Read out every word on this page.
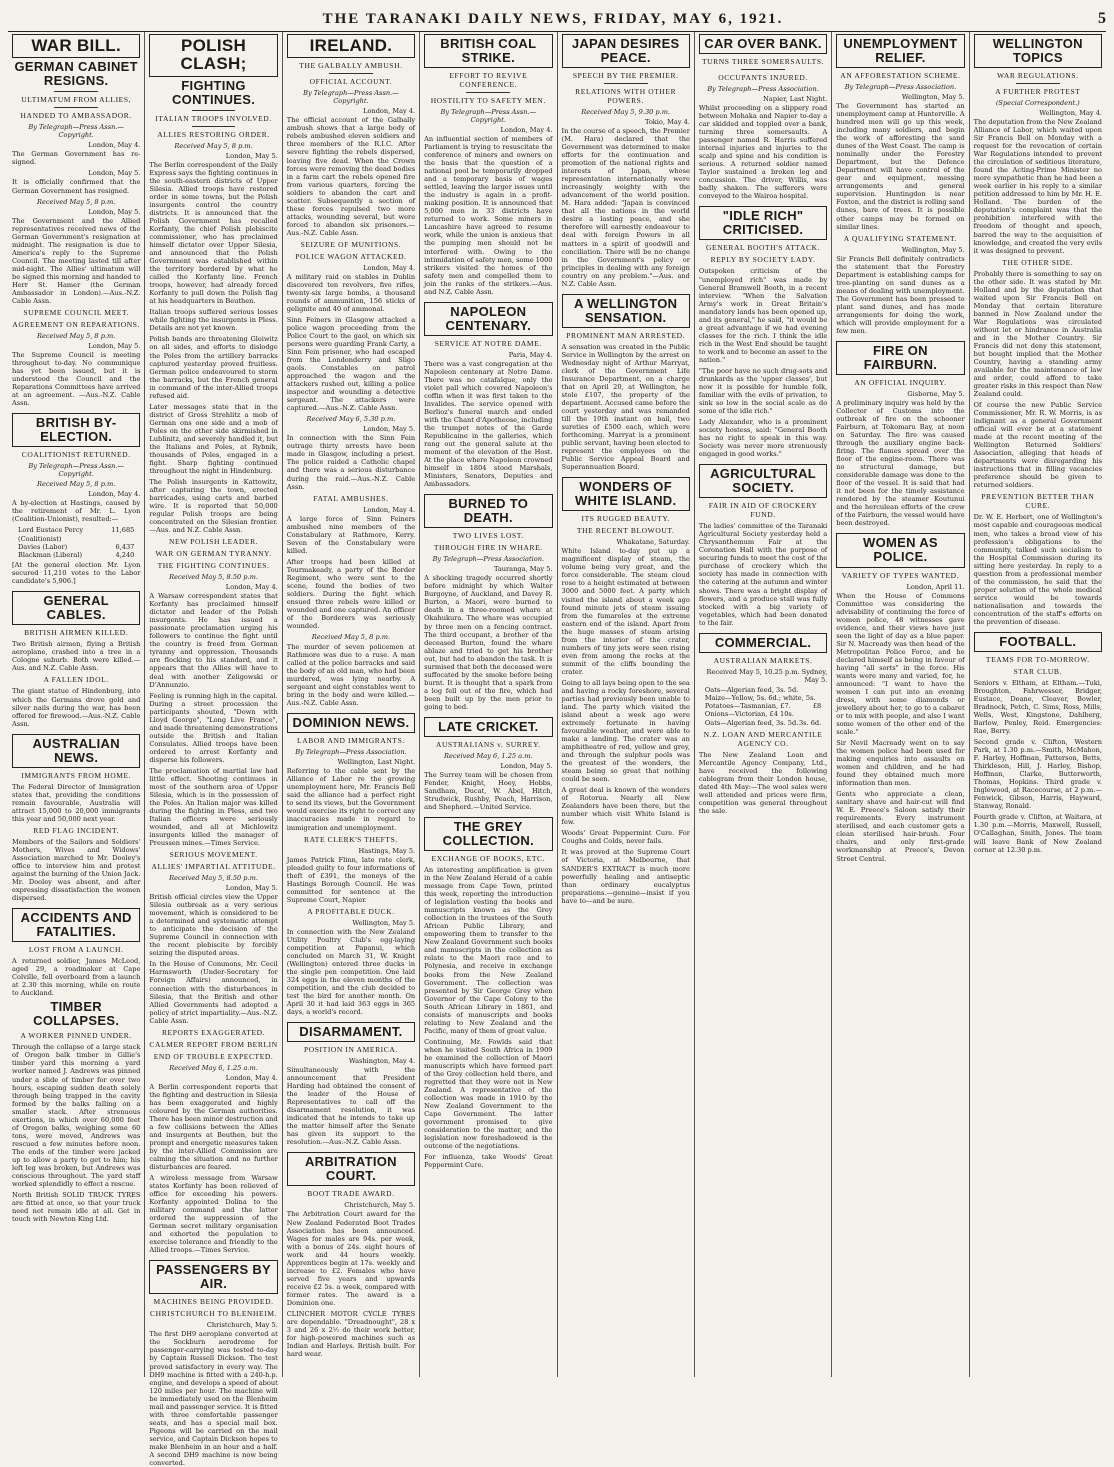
THE TARANAKI DAILY NEWS, FRIDAY, MAY 6, 1921.	5
WAR BILL.
GERMAN CABINET RESIGNS.
ULTIMATUM FROM ALLIES,
HANDED TO AMBASSADOR.
By Telegraph—Press Assn.—Copyright.
London, May 4.

The German Government has re-signed.

London, May 5.

It is officially confirmed that the German Government has resigned.

Received May 5, 8 p.m.
London, May 5.

The Government and the Allied representatives received news of the German Government's resignation at midnight. The resignation is due to America's reply to the Supreme Council. The meeting lasted till after mid-night. The Allies' ultimatum will be signed this morning and handed to Herr St. Hamer (the German Ambassador in London).—Aus.-N.Z. Cable Assn.

SUPREME COUNCIL MEET.
AGREEMENT ON REPARATIONS.
Received May 5, 8 p.m.
London, May 5.

The Supreme Council is meeting throughout to-day. No communique has yet been issued, but it is understood the Council and the Reparations Committees have arrived at an agreement. —Aus.-N.Z. Cable Assn.

BRITISH BY-ELECTION.
COALITIONIST RETURNED.
By Telegraph—Press Assn.—Copyright.
Received May 5, 8 p.m.
London, May 4.

A by-election at Hastings, caused by the retirement of Mr. L. Lyon (Coalition-Unionist), resulted:—

Lord Eustace Percy (Coalitionist)
11,685
Davies (Labor)	6,437
Blackman (Liberal)	4,240

[At the general election Mr. Lyon secured 11,210 votes to the Labor candidate's 5,906.]

GENERAL CABLES.
BRITISH AIRMEN KILLED.

Two British airmen, flying a British aeroplane, crashed into a tree in a Cologne suburb. Both were killed.—Aus. and N.Z. Cable Assn.

A FALLEN IDOL.

The giant statue of Hindenburg, into which the Germans drove gold and silver nails during the war, has been offered for firewood.—Aus.-N.Z. Cable Assn.

AUSTRALIAN NEWS.
IMMIGRANTS FROM HOME.

The Federal Director of Immigration states that, providing the conditions remain favourable, Australia will attract 15,000 to 20,000 immigrants this year and 50,000 next year.

RED FLAG INCIDENT.

Members of the Sailors and Soldiers' Mothers, Wives and Widows' Association marched to Mr. Dooley's office to interview him and protest against the burning of the Union Jack. Mr. Dooley was absent, and after expressing dissatisfaction the women dispersed.

ACCIDENTS AND FATALITIES.
LOST FROM A LAUNCH.

A returned soldier, James McLeod, aged 29, a roadmaker at Cape Colville, fell overboard from a launch at 2.30 this morning, while en route to Auckland.

TIMBER COLLAPSES.
A WORKER PINNED UNDER.

Through the collapse of a large stack of Oregon balk timber in Gillie's timber yard this morning a yard worker named J. Andrews was pinned under a slide of timber for over two hours, escaping sudden death solely through being trapped in the cavity formed by the balks falling on a smaller stack. After strenuous exertions, in which over 60,000 feet of Oregon balks, weighing some 60 tons, were moved, Andrews was rescued a few minutes before noon. The ends of the timber were jacked up to allow a party to get to him; his left leg was broken, but Andrews was conscious throughout. The yard staff worked splendidly to effect a rescue.

North British SOLID TRUCK TYRES are fitted at once, so that your truck need not remain idle at all. Get in touch with Newton King Ltd.

POLISH CLASH;
FIGHTING CONTINUES.
ITALIAN TROOPS INVOLVED.
ALLIES RESTORING ORDER.
Received May 5, 8 p.m.
London, May 5.

The Berlin correspondent of the Daily Express says the fighting continues in the south-eastern districts of Upper Silesia. Allied troops have restored order in some towns, but the Polish insurgents control the country districts. It is announced that the Polish Government has recalled Korfanty, the chief Polish plebiscite commissioner, who has proclaimed himself dictator over Upper Silesia, and announced that the Polish Government was established within the territory bordered by what he called the Korfanty line. French troops, however, had already forced Korfanty to pull down the Polish flag at his headquarters in Beuthen.

Italian troops suffered serious losses while fighting the insurgents in Pless. Details are not yet known.

Polish bands are threatening Gleiwitz on all sides, and efforts to dislodge the Poles from the artillery barracks captured yesterday proved fruitless. German police endeavoured to storm the barracks, but the French general in command of the inter-Allied troops refused aid.

Later messages state that in the district of Gross Strehlitz a mob of German ons one side and a mob of Poles on the other side skirmished in Lublinitz, and severely handled it, but the Italians and Poles, at Rybnik, thousands of Poles, engaged in a fight. Sharp fighting continued throughout the night in Hindenburg.

The Polish insurgents in Kattowitz, after capturing the town, erected barricades, using carts and barbed wire. It is reported that 50,000 regular Polish troops are being concentrated on the Silesian frontier.—Aus. and N.Z. Cable Assn.

NEW POLISH LEADER.
WAR ON GERMAN TYRANNY.
THE FIGHTING CONTINUES.
Received May 5, 8.50 p.m.
London, May 4.

A Warsaw correspondent states that Korfanty has proclaimed himself dictator and leader of the Polish insurgents. He has issued a passionate proclamation urging his followers to continue the fight until the country is freed from German tyranny and oppression. Thousands are flocking to his standard, and it appears that the Allies will have to deal with another Zeligowski or D'Annunzio.

Feeling is running high in the capital. During a street procession the participants shouted, "Down with Lloyd George", "Long Live France", and made threatening demonstrations outside the British and Italian Consulates. Allied troops have been ordered to arrest Korfanty and disperse his followers.

The proclamation of martial law had little effect. Shooting continues in most of the southern area of Upper Silesia, which is in the possession of the Poles. An Italian major was killed during the fighting in Pless, and two Italian officers were seriously wounded, and all at Michlowitz insurgents killed the manager of Preussen mines.—Times Service.

SERIOUS MOVEMENT.
ALLIES' IMPARTIAL ATTITUDE.
Received May 5, 8.50 p.m.
London, May 5.

British official circles view the Upper Silesia outbreak as a very serious movement, which is considered to be a determined and systematic attempt to anticipate the decision of the Supreme Council in connection with the recent plebiscite by forcibly seizing the disputed areas.

In the House of Commons, Mr. Cecil Harmsworth (Under-Secretary for Foreign Affairs) announced, in connection with the disturbances in Silesia, that the British and other Allied Governments had adopted a policy of strict impartiality.—Aus.-N.Z. Cable Assn.

REPORTS EXAGGERATED.
CALMER REPORT FROM BERLIN
END OF TROUBLE EXPECTED.
Received May 6, 1.25 a.m.
London, May 4.

A Berlin correspondent reports that the fighting and destruction in Silesia has been exaggerated and highly coloured by the German authorities. There has been minor destruction and a few collisions between the Allies and insurgents at Beuthen, but the prompt and energetic measures taken by the inter-Allied Commission are calming the situation and no further disturbances are feared.

A wireless message from Warsaw states Korfanty has been relieved of office for exceeding his powers. Korfanty appointed Dolina to the military command and the latter ordered the suppression of the German secret military organisation and exhorted the population to exercise tolerance and friendly to the Allied troops.—Times Service.

PASSENGERS BY AIR.
MACHINES BEING PROVIDED.
CHRISTCHURCH TO BLENHEIM.
Christchurch, May 5.

The first DH9 aeroplane converted at the Sockburn aerodrome for passenger-carrying was tested to-day by Captain Russell Dickson. The test proved satisfactory in every way. The DH9 machine is fitted with a 240-h.p. engine, and develops a speed of about 120 miles per hour. The machine will be immediately used on the Blenheim mail and passenger service. It is fitted with three comfortable passenger seats, and has a special mail box. Pigeons will be carried on the mail service, and Captain Dickson hopes to make Blenheim in an hour and a half. A second DH9 machine is now being converted.

IRELAND.
THE GALBALLY AMBUSH.
OFFICIAL ACCOUNT.
By Telegraph—Press Assn.—Copyright.
London, May 4.

The official account of the Galbally ambush shows that a large body of rebels ambushed eleven soldiers and three members of the R.I.C. After severe fighting the rebels dispersed, leaving five dead. When the Crown forces were removing the dead bodies in a farm cart the rebels opened fire from various quarters, forcing the soldiers to abandon the cart and scatter. Subsequently a section of these forces repulsed two more attacks, wounding several, but were forced to abandon six prisoners.—Aus.-N.Z. Cable Assn.

SEIZURE OF MUNITIONS.
POLICE WAGON ATTACKED.
London, May 4.

A military raid on stables in Dublin discovered ten revolvers, five rifles, twenty-six large bombs, a thousand rounds of ammunition, 156 sticks of gelignite and 40 of ammonal.

Sinn Feiners in Glasgow attacked a police wagon proceeding from the Police Court to the gaol, on which six persons were guarding Frank Carty, a Sinn Fein prisoner, who had escaped from the Londonderry and Sligo gaols. Constables on patrol approached the wagon and the attackers rushed out, killing a police inspector and wounding a detective sergeant. The attackers were captured.—Aus.-N.Z. Cable Assn.

Received May 6, 5.30 p.m.
London, May 5.

In connection with the Sinn Fein outrage thirty arrests have been made in Glasgow, including a priest. The police raided a Catholic chapel and there was a serious disturbance during the raid.—Aus.-N.Z. Cable Assn.

FATAL AMBUSHES.
London, May 4.

A large force of Sinn Feiners ambushed nine members of the Constabulary at Rathmore, Kerry. Seven of the Constabulary were killed.

After troops had been killed at Tourmakeady, a party of the Border Regiment, who were sent to the scene, found the bodies of two soldiers. During the fight which ensued three rebels were killed or wounded and one captured. An officer of the Borderers was seriously wounded.

Received May 5, 8 p.m.

The murder of seven policemen at Rathmore was due to a ruse. A man called at the police barracks and said the body of an old man, who had been murdered, was lying nearby. A sergeant and eight constables went to bring in the body and were killed.—Aus.-N.Z. Cable Assn.

DOMINION NEWS.
LABOR AND IMMIGRANTS.
By Telegraph—Press Association.
Wellington, Last Night.

Referring to the cable sent by the Alliance of Labor re the growing unemployment here, Mr. Francis Bell said the alliance had a perfect right to send its views, but the Government would exercise its right to correct any inaccuracies made in regard to immigration and unemployment.

RATE CLERK'S THEFTS.
Hastings, May 5.

James Patrick Flinn, late rate clerk, pleaded guilty to four informations of theft of £391, the moneys of the Hastings Borough Council. He was committed for sentence at the Supreme Court, Napier.

A PROFITABLE DUCK.
Wellington, May 5.

In connection with the New Zealand Utility Poultry Club's egg-laying competition at Papanui, which concluded on March 31, W. Knight (Wellington) entered three ducks in the single pen competition. One laid 324 eggs in the eleven months of the competition, and the club decided to test the bird for another month. On April 30 it had laid 363 eggs in 365 days, a world's record.

DISARMAMENT.
POSITION IN AMERICA.
Washington, May 4.

Simultaneously with the announcement that President Harding had obtained the consent of the leader of the House of Representatives to call off the disarmament resolution, it was indicated that he intends to take up the matter himself after the Senate has given its support to the resolution.—Aus.-N.Z. Cable Assn.

ARBITRATION COURT.
BOOT TRADE AWARD.
Christchurch, May 5.

The Arbitration Court award for the New Zealand Federated Boot Trades Association has been announced. Wages for males are 94s. per week, with a bonus of 24s. eight hours of work and 44 hours weekly. Apprentices begin at 17s. weekly and increase to £2. Females who have served five years and upwards receive £2 5s. a week, compared with former rates. The award is a Dominion one.

CLINCHER MOTOR CYCLE TYRES are dependable. "Dreadnought", 28 x 3 and 26 x 2½ do their work better, for high-powered machines such as Indian and Harleys. British built. For hard wear.

BRITISH COAL STRIKE.
EFFORT TO REVIVE CONFERENCE.
HOSTILITY TO SAFETY MEN.
By Telegraph—Press Assn.—Copyright.
London, May 4.

An influential section of members of Parliament is trying to resuscitate the conference of miners and owners on the basis that the question of a national pool be temporarily dropped and a temporary basis of wages settled, leaving the larger issues until the industry is again in a profit-making position. It is announced that 5,000 men in 33 districts have returned to work. Some miners in Lancashire have agreed to resume work, while the union is anxious that the pumping men should not be interfered with. Owing to the intimidation of safety men, some 1000 strikers visited the homes of the safety men and compelled them to join the ranks of the strikers.—Aus. and N.Z. Cable Assn.

NAPOLEON CENTENARY.
SERVICE AT NOTRE DAME.
Paris, May 4.

There was a vast congregation at the Napoleon centenary at Notre Dame. There was no catafalque, only the violet pall which covered Napoleon's coffin when it was first taken to the Invalides. The service opened with Berlioz's funeral march and ended with the Chant d'Apotheose, including the trumpet notes of the Garde Republicaine in the galleries, which rang out the general salute at the moment of the elevation of the Host. At the place where Napoleon crowned himself in 1804 stood Marshals, Ministers, Senators, Deputies and Ambassadors.

BURNED TO DEATH.
TWO LIVES LOST.
THROUGH FIRE IN WHARE.
By Telegraph—Press Association.
Tauranga, May 5.

A shocking tragedy occurred shortly before midnight by which Walter Burgoyne, of Auckland, and Davey R. Burton, a Maori, were burned to death in a three-roomed whare at Okahukura. The whare was occupied by three men on a fencing contract. The third occupant, a brother of the deceased Burton, found the whare ablaze and tried to get his brother out, but had to abandon the task. It is surmised that both the deceased were suffocated by the smoke before being burnt. It is thought that a spark from a log fell out of the fire, which had been built up by the men prior to going to bed.

LATE CRICKET.
AUSTRALIANS v. SURREY.
Received May 6, 1.25 a.m.
London, May 5.

The Surrey team will be chosen from Fender, Knight, Hoey, Hobbs, Sandham, Ducat, W. Abel, Hitch, Strudwick, Rushby, Peach, Harrison, and Shepherd.—United Service.

THE GREY COLLECTION.
EXCHANGE OF BOOKS, ETC.

An interesting amplification is given in the New Zealand Herald of a cable message from Cape Town, printed this week, reporting the introduction of legislation vesting the books and manuscripts known as the Grey collection in the trustees of the South African Public Library, and empowering them to transfer to the New Zealand Government such books and manuscripts in the collection as relate to the Maori race and to Polynesia, and receive in exchange books from the New Zealand Government. The collection was presented by Sir George Grey when Governor of the Cape Colony to the South African Library in 1861, and consists of manuscripts and books relating to New Zealand and the Pacific, many of them of great value.

Continuing, Mr. Fowlds said that when he visited South Africa in 1909 he examined the collection of Maori manuscripts which have formed part of the Grey collection held there, and regretted that they were not in New Zealand. A representative of the collection was made in 1910 by the New Zealand Government to the Cape Government. The latter government promised to give consideration to the matter, and the legislation now foreshadowed is the outcome of the negotiations.

For influenza, take Woods' Great Peppermint Cure.

JAPAN DESIRES PEACE.
SPEECH BY THE PREMIER.
RELATIONS WITH OTHER POWERS.
Received May 5, 9.30 p.m.
Tokio, May 4.

In the course of a speech, the Premier (M. Hara) declared that the Government was determined to make efforts for the continuation and promotion of the national rights and interests of Japan, whose representation internationally were increasingly weighty with the advancement of the world position. M. Hara added: "Japan is convinced that all the nations in the world desire a lasting peace, and she therefore will earnestly endeavour to deal with foreign Powers in all matters in a spirit of goodwill and conciliation. There will be no change in the Government's policy or principles in dealing with any foreign country on any problem."—Aus. and N.Z. Cable Assn.

A WELLINGTON SENSATION.
PROMINENT MAN ARRESTED.

A sensation was created in the Public Service in Wellington by the arrest on Wednesday night of Arthur Marryat, clerk of the Government Life Insurance Department, on a charge that on April 20, at Wellington, he stole £107, the property of the department. Accused came before the court yesterday and was remanded till the 19th instant on bail, two sureties of £500 each, which were forthcoming. Marryat is a prominent public servant, having been elected to represent the employees on the Public Service Appeal Board and Superannuation Board.

WONDERS OF WHITE ISLAND.
ITS RUGGED BEAUTY.
THE RECENT BLOWOUT.
Whakatane, Saturday.

White Island to-day put up a magnificent display of steam, the volume being very great, and the force considerable. The steam cloud rose to a height estimated at between 3000 and 5000 feet. A party which visited the island about a week ago found minute jets of steam issuing from the fumaroles at the extreme eastern end of the island. Apart from the huge masses of steam arising from the interior of the crater, numbers of tiny jets were seen rising even from among the rocks at the summit of the cliffs bounding the crater.

Going to all lays being open to the sea and having a rocky foreshore, several parties had previously been unable to land. The party which visited the island about a week ago were extremely fortunate in having favourable weather, and were able to make a landing. The crater was an amphitheatre of red, yellow and grey, and through the sulphur pools was the greatest of the wonders, the steam being so great that nothing could be seen.

A great deal is known of the wonders of Rotorua. Nearly all New Zealanders have been there, but the number which visit White Island is few.

Woods' Great Peppermint Cure. For Coughs and Colds, never fails.

It was proved at the Supreme Court of Victoria, at Melbourne, that SANDER'S EXTRACT is much more powerfully healing and antiseptic than ordinary eucalyptus preparations.—genuine—insist if you have to—and be sure.

CAR OVER BANK.
TURNS THREE SOMERSAULTS.
OCCUPANTS INJURED.
By Telegraph—Press Association.
Napier, Last Night.

Whilst proceeding on a slippery road between Mohaka and Napier to-day a car skidded and toppled over a bank, turning three somersaults. A passenger named R. Harris suffered internal injuries and injuries to the scalp and spine and his condition is serious. A returned soldier named Taylor sustained a broken leg and concussion. The driver, Willis, was badly shaken. The sufferers were conveyed to the Wairoa hospital.

"IDLE RICH" CRITICISED.
GENERAL BOOTH'S ATTACK.
REPLY BY SOCIETY LADY.

Outspoken criticism of the "unemployed rich" was made by General Bramwell Booth, in a recent interview. "When the Salvation Army's work in Great Britain's mandatory lands has been opened up, and its general," he said, "it would be a great advantage if we had evening classes for the rich. I think the idle rich in the West End should be taught to work and to become an asset to the nation."

"The poor have no such drug-sots and drunkards as the 'upper classes', but now it is possible for humble folk, familiar with the evils of privation, to sink so low in the social scale as do some of the idle rich."

Lady Alexander, who is a prominent society hostess, said: "General Booth has no right to speak in this way. Society was never more strenuously engaged in good works."

AGRICULTURAL SOCIETY.
FAIR IN AID OF CROCKERY FUND.

The ladies' committee of the Taranaki Agricultural Society yesterday held a Chrysanthemum Fair at the Coronation Hall with the purpose of securing funds to meet the cost of the purchase of crockery which the society has made in connection with the catering at the autumn and winter shows. There was a bright display of flowers, and a produce stall was fully stocked with a big variety of vegetables, which had been donated to the fair.

COMMERCIAL.
AUSTRALIAN MARKETS.
Received May 5, 10.25 p.m. Sydney, May 5.
Oats—Algerian feed, 3s. 5d.
Maize—Yellow, 5s. 6d.; white, 5s.
Potatoes—Tasmanian, £7.	£8
Onions—Victorian, £4 10s.
Oats—Algerian feed, 3s. 5d. 3s. 6d.
N.Z. LOAN AND MERCANTILE AGENCY CO.

The New Zealand Loan and Mercantile Agency Company, Ltd., have received the following cablegram from their London house, dated 4th May:—The wool sales were well attended and prices were firm, competition was general throughout the sale.

UNEMPLOYMENT RELIEF.
AN AFFORESTATION SCHEME.
By Telegraph—Press Association.
Wellington, May 5.

The Government has started an unemployment camp at Hunterville. A hundred men will go up this week, including many soldiers, and begin the work of afforesting the sand dunes of the West Coast. The camp is nominally under the Forestry Department, but the Defence Department will have control of the gear and equipment, messing arrangements and general supervision. Huntingdon is near Foxton, and the district is rolling sand dunes, bare of trees. It is possible other camps may be formed on similar lines.

A QUALIFYING STATEMENT.
Wellington, May 5.

Sir Francis Bell definitely contradicts the statement that the Forestry Department is establishing camps for tree-planting on sand dunes as a means of dealing with unemployment. The Government has been pressed to plant sand dunes, and has made arrangements for doing the work, which will provide employment for a few men.

FIRE ON FAIRBURN.
AN OFFICIAL INQUIRY.
Gisborne, May 5.

A preliminary inquiry was held by the Collector of Customs into the outbreak of fire on the schooner Fairburn, at Tokomaru Bay, at noon on Saturday. The fire was caused through the auxiliary engine back-firing. The flames spread over the floor of the engine-room. There was no structural damage, but considerable damage was done to the floor of the vessel. It is said that had it not been for the timely assistance rendered by the steamer Koutunui and the herculean efforts of the crew of the Fairburn, the vessel would have been destroyed.

WOMEN AS POLICE.
VARIETY OF TYPES WANTED.
London, April 11.

When the House of Commons Committee was considering the advisability of continuing the force of women police, 48 witnesses gave evidence, and their views have just seen the light of day as a blue paper. Sir N. Macready was then head of the Metropolitan Police Force, and he declared himself as being in favour of having "all sorts" in the force. His wants were many and varied, for, he announced: "I want to have the women I can put into an evening dress, with some diamonds or jewellery about her, to go to a cabaret or to mix with people, and also I want some women of the other end of the scale."

Sir Nevil Macready went on to say the women police had been used for making enquiries into assaults on women and children, and he had found they obtained much more information than men.

Gents who appreciate a clean, sanitary shave and hair-cut will find W. E. Preece's Saloon satisfy their requirements. Every instrument sterilised, and each customer gets a clean sterilised hair-brush. Four chairs, and only first-grade workmanship at Preece's, Devon Street Central.

WELLINGTON TOPICS
WAR REGULATIONS.
A FURTHER PROTEST
(Special Correspondent.)
Wellington, May 4.

The deputation from the New Zealand Alliance of Labor, which waited upon Sir Francis Bell on Monday with a request for the revocation of certain War Regulations intended to prevent the circulation of seditious literature, found the Acting-Prime Minister no more sympathetic than he had been a week earlier in his reply to a similar petition addressed to him by Mr. H. E. Holland. The burden of the deputation's complaint was that the prohibition interfered with the freedom of thought and speech, barred the way to the acquisition of knowledge, and created the very evils it was designed to prevent.

THE OTHER SIDE.

Probably there is something to say on the other side. It was stated by Mr. Holland and by the deputation that waited upon Sir Francis Bell on Monday that certain literature banned in New Zealand under the War Regulations was circulated without let or hindrance in Australia and in the Mother Country. Sir Francis did not deny this statement, but bought implied that the Mother Country, having a standing army available for the maintenance of law and order, could afford to take greater risks in this respect than New Zealand could.

Of course the new Public Service Commissioner, Mr. R. W. Morris, is as indignant as a general Government official will ever be at a statement made at the recent meeting of the Wellington Returned Soldiers' Association, alleging that heads of departments were disregarding his instructions that in filling vacancies preference should be given to returned soldiers.

PREVENTION BETTER THAN CURE.

Dr. W. E. Herbert, one of Wellington's most capable and courageous medical men, who takes a broad view of his profession's obligations to the community, talked such socialism to the Hospital Commission during its sitting here yesterday. In reply to a question from a professional member of the commission, he said that the proper solution of the whole medical service would be towards nationalisation and towards the concentration of the staff's efforts on the prevention of disease.

FOOTBALL.
TEAMS FOR TO-MORROW.
STAR CLUB.

Seniors v. Eltham, at Eltham.—Tuki, Broughton, Fahrwesser, Bridger, Eustace, Deane, Cleaver, Bowler, Bradnock, Petch, C. Sims, Ross, Mills, Wells, West, Kingstone, Dahlberg, Barlow, Penley, Reid. Emergencies: Rae, Berry.

Second grade v. Clifton, Western Park, at 1.30 p.m.—Smith, McMahon, F. Harley, Hoffman, Patterson, Betts, Thirkleson, Hill, J. Harley, Bishop, Hoffman, Clarke, Butterworth, Thomas, Hopkins. Third grade v. Inglewood, at Racecourse, at 2 p.m.—Fenwick, Gibson, Harris, Hayward, Stanway, Ronald.

Fourth grade v. Clifton, at Waitara, at 1.30 p.m.—Morris, Maxwell, Russell, O'Callaghan, Smith, Jones. The team will leave Bank of New Zealand corner at 12.30 p.m.
